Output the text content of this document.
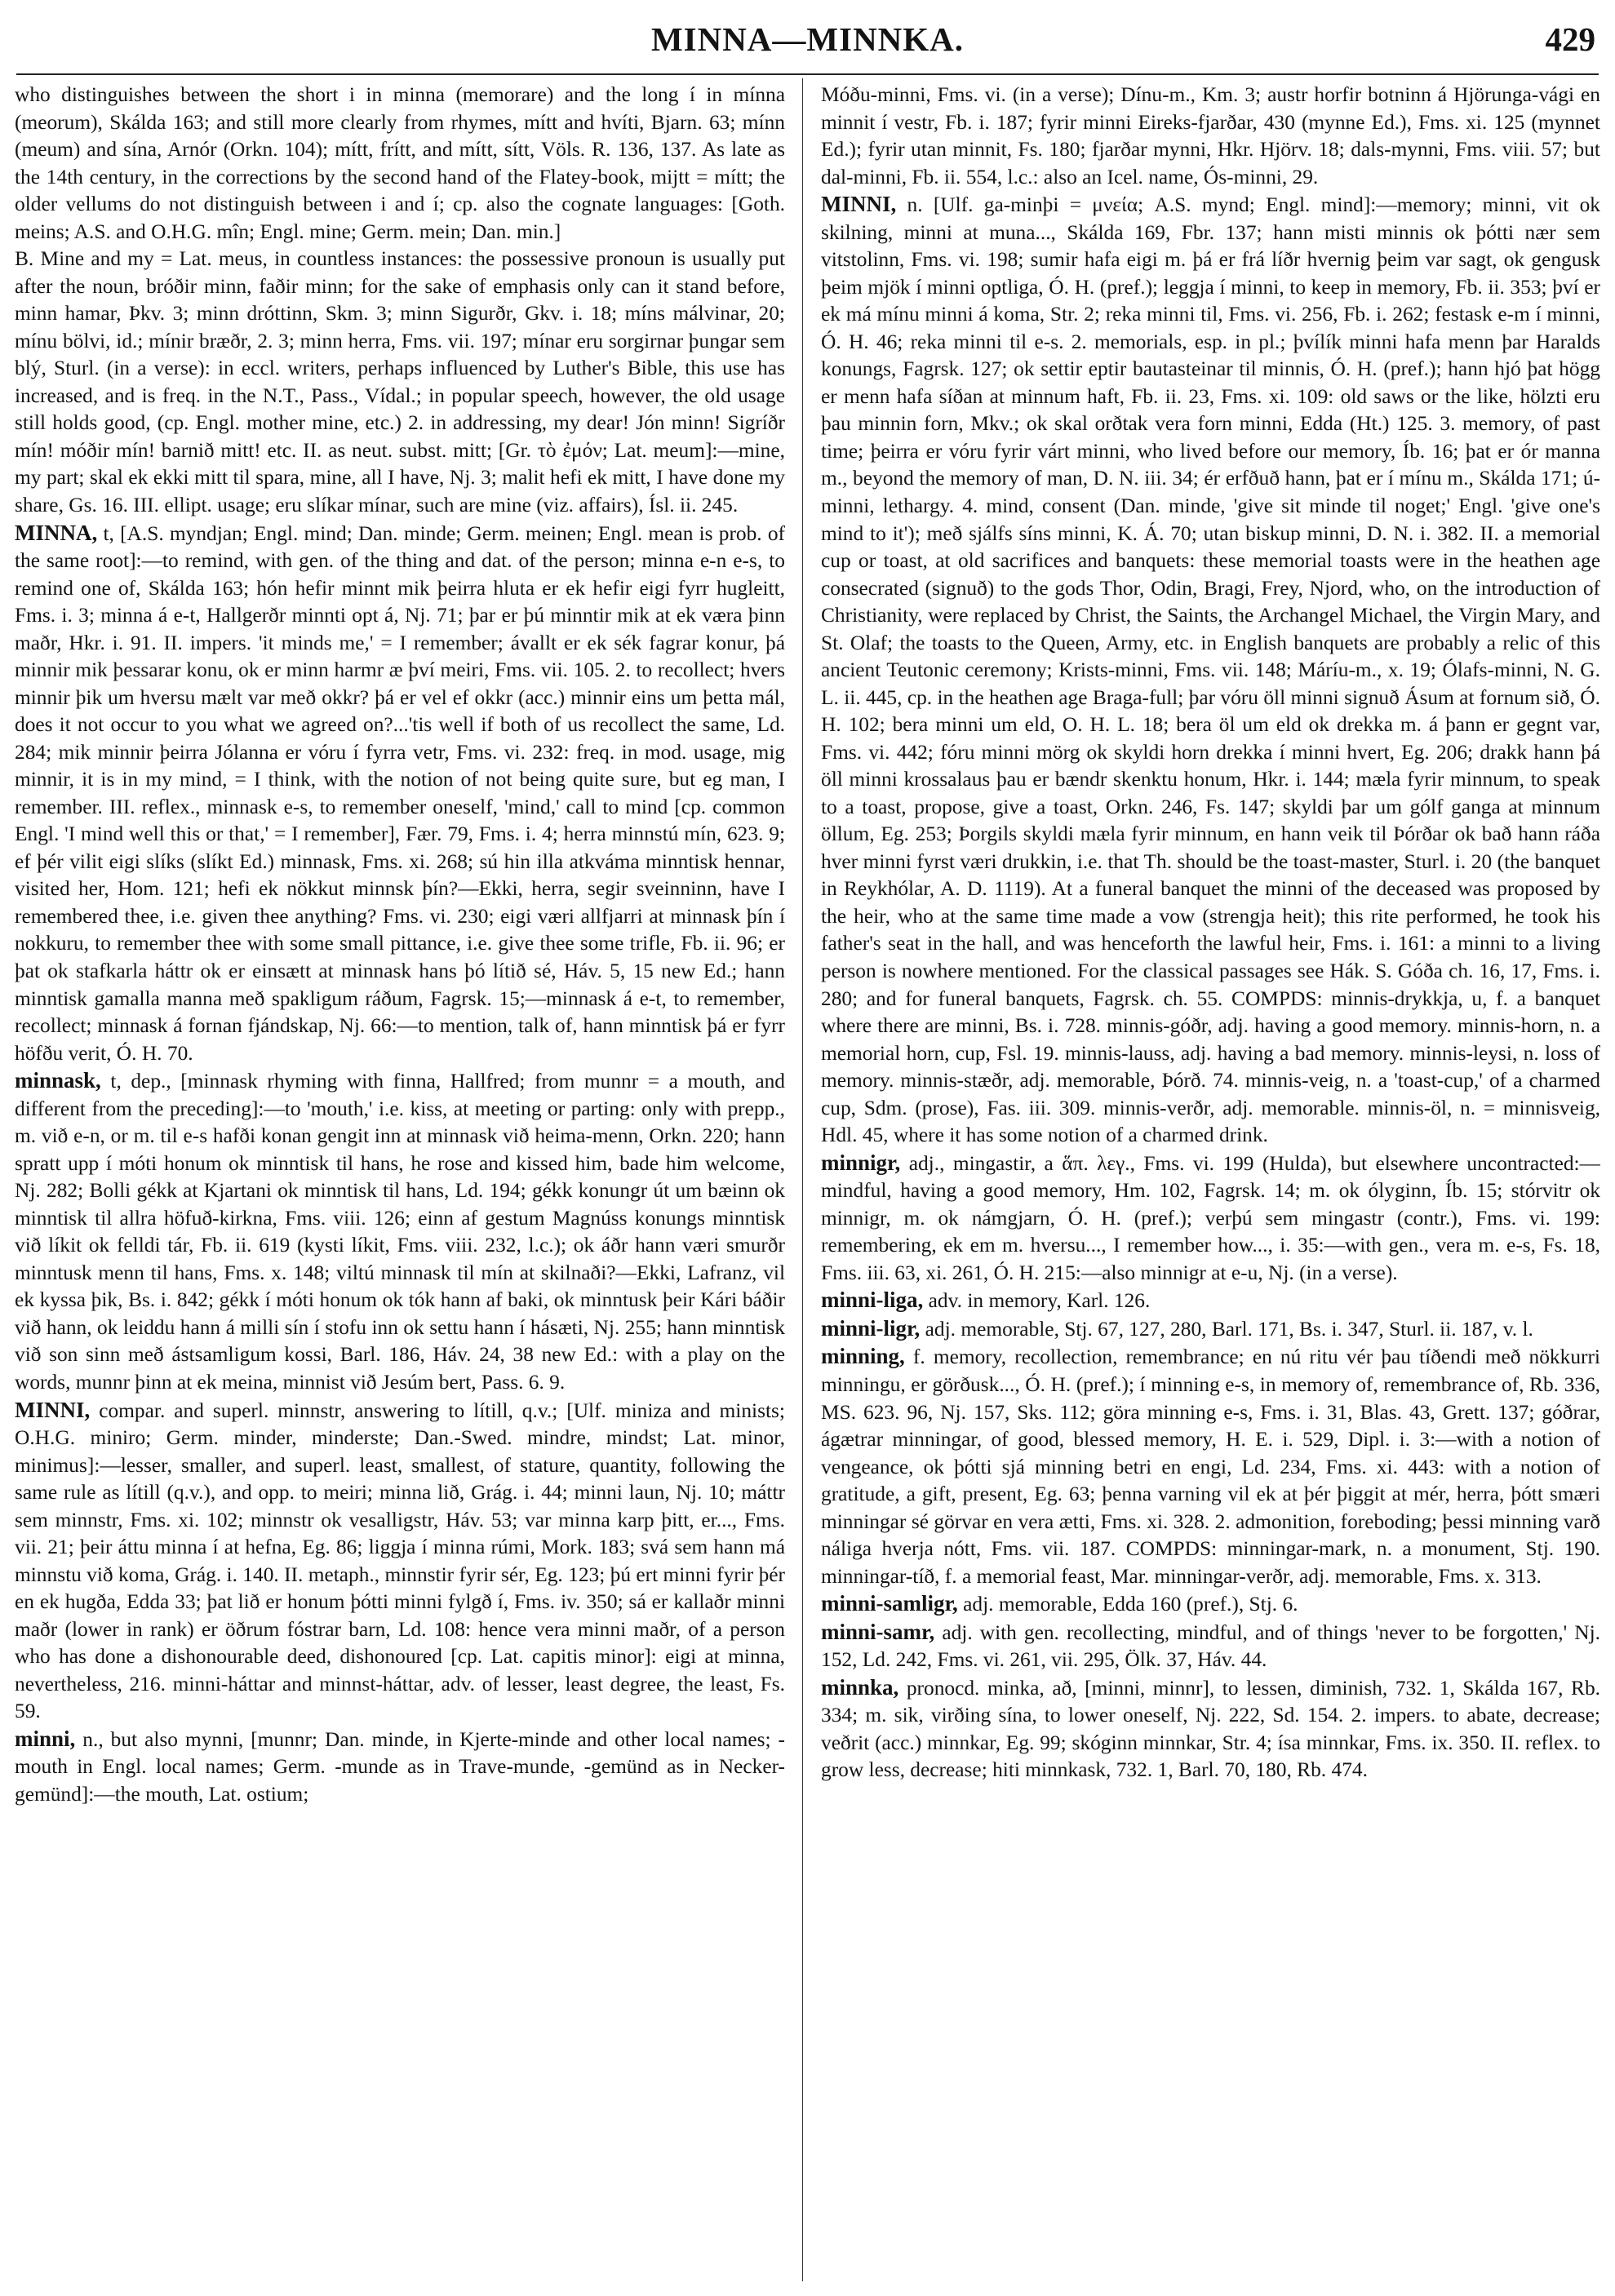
MINNA—MINNKA.	429

who distinguishes between the short i in minna (memorare) and the long í in mínna (meorum), Skálda 163; and still more clearly from rhymes, mítt and hvíti, Bjarn. 63; mínn (meum) and sína, Arnór (Orkn. 104); mítt, frítt, and mítt, sítt, Völs. R. 136, 137. As late as the 14th century, in the corrections by the second hand of the Flatey-book, mijtt = mítt; the older vellums do not distinguish between i and í; cp. also the cognate languages: [Goth. meins; A.S. and O.H.G. mîn; Engl. mine; Germ. mein; Dan. min.]

B. Mine and my = Lat. meus, in countless instances: the possessive pronoun is usually put after the noun, bróðir minn, faðir minn; for the sake of emphasis only can it stand before, minn hamar, Þkv. 3; minn dróttinn, Skm. 3; minn Sigurðr, Gkv. i. 18; míns málvinar, 20; mínu bölvi, id.; mínir bræðr, 2. 3; minn herra, Fms. vii. 197; mínar eru sorgirnar þungar sem blý, Sturl. (in a verse): in eccl. writers, perhaps influenced by Luther's Bible, this use has increased, and is freq. in the N.T., Pass., Vídal.; in popular speech, however, the old usage still holds good, (cp. Engl. mother mine, etc.) 2. in addressing, my dear! Jón minn! Sigríðr mín! móðir mín! barnið mitt! etc. II. as neut. subst. mitt; [Gr. τὸ ἐμόν; Lat. meum]:—mine, my part; skal ek ekki mitt til spara, mine, all I have, Nj. 3; malit hefi ek mitt, I have done my share, Gs. 16. III. ellipt. usage; eru slíkar mínar, such are mine (viz. affairs), Ísl. ii. 245.

MINNA, t, [A.S. myndjan; Engl. mind; Dan. minde; Germ. meinen; Engl. mean is prob. of the same root]:—to remind, with gen. of the thing and dat. of the person; minna e-n e-s, to remind one of, Skálda 163; hón hefir minnt mik þeirra hluta er ek hefir eigi fyrr hugleitt, Fms. i. 3; minna á e-t, Hallgerðr minnti opt á, Nj. 71; þar er þú minntir mik at ek væra þinn maðr, Hkr. i. 91. II. impers. 'it minds me,' = I remember; ávallt er ek sék fagrar konur, þá minnir mik þessarar konu, ok er minn harmr æ því meiri, Fms. vii. 105. 2. to recollect; hvers minnir þik um hversu mælt var með okkr? þá er vel ef okkr (acc.) minnir eins um þetta mál, does it not occur to you what we agreed on?...'tis well if both of us recollect the same, Ld. 284; mik minnir þeirra Jólanna er vóru í fyrra vetr, Fms. vi. 232: freq. in mod. usage, mig minnir, it is in my mind, = I think, with the notion of not being quite sure, but eg man, I remember. III. reflex., minnask e-s, to remember oneself, 'mind,' call to mind [cp. common Engl. 'I mind well this or that,' = I remember], Fær. 79, Fms. i. 4; herra minnstú mín, 623. 9; ef þér vilit eigi slíks (slíkt Ed.) minnask, Fms. xi. 268; sú hin illa atkváma minntisk hennar, visited her, Hom. 121; hefi ek nökkut minnsk þín?—Ekki, herra, segir sveinninn, have I remembered thee, i.e. given thee anything? Fms. vi. 230; eigi væri allfjarri at minnask þín í nokkuru, to remember thee with some small pittance, i.e. give thee some trifle, Fb. ii. 96; er þat ok stafkarla háttr ok er einsætt at minnask hans þó lítið sé, Háv. 5, 15 new Ed.; hann minntisk gamalla manna með spakligum ráðum, Fagrsk. 15;—minnask á e-t, to remember, recollect; minnask á fornan fjándskap, Nj. 66:—to mention, talk of, hann minntisk þá er fyrr höfðu verit, Ó. H. 70.

minnask, t, dep., [minnask rhyming with finna, Hallfred; from munnr = a mouth, and different from the preceding]:—to 'mouth,' i.e. kiss, at meeting or parting: only with prepp., m. við e-n, or m. til e-s hafði konan gengit inn at minnask við heima-menn, Orkn. 220; hann spratt upp í móti honum ok minntisk til hans, he rose and kissed him, bade him welcome, Nj. 282; Bolli gékk at Kjartani ok minntisk til hans, Ld. 194; gékk konungr út um bæinn ok minntisk til allra höfuð-kirkna, Fms. viii. 126; einn af gestum Magnúss konungs minntisk við líkit ok felldi tár, Fb. ii. 619 (kysti líkit, Fms. viii. 232, l.c.); ok áðr hann væri smurðr minntusk menn til hans, Fms. x. 148; viltú minnask til mín at skilnaði?—Ekki, Lafranz, vil ek kyssa þik, Bs. i. 842; gékk í móti honum ok tók hann af baki, ok minntusk þeir Kári báðir við hann, ok leiddu hann á milli sín í stofu inn ok settu hann í hásæti, Nj. 255; hann minntisk við son sinn með ástsamligum kossi, Barl. 186, Háv. 24, 38 new Ed.: with a play on the words, munnr þinn at ek meina, minnist við Jesúm bert, Pass. 6. 9.

MINNI, compar. and superl. minnstr, answering to lítill, q.v.; [Ulf. miniza and minists; O.H.G. miniro; Germ. minder, minderste; Dan.-Swed. mindre, mindst; Lat. minor, minimus]:—lesser, smaller, and superl. least, smallest, of stature, quantity, following the same rule as lítill (q.v.), and opp. to meiri; minna lið, Grág. i. 44; minni laun, Nj. 10; máttr sem minnstr, Fms. xi. 102; minnstr ok vesalligstr, Háv. 53; var minna karp þitt, er..., Fms. vii. 21; þeir áttu minna í at hefna, Eg. 86; liggja í minna rúmi, Mork. 183; svá sem hann má minnstu við koma, Grág. i. 140. II. metaph., minnstir fyrir sér, Eg. 123; þú ert minni fyrir þér en ek hugða, Edda 33; þat lið er honum þótti minni fylgð í, Fms. iv. 350; sá er kallaðr minni maðr (lower in rank) er öðrum fóstrar barn, Ld. 108: hence vera minni maðr, of a person who has done a dishonourable deed, dishonoured [cp. Lat. capitis minor]: eigi at minna, nevertheless, 216. minni-háttar and minnst-háttar, adv. of lesser, least degree, the least, Fs. 59.

minni, n., but also mynni, [munnr; Dan. minde, in Kjerte-minde and other local names; -mouth in Engl. local names; Germ. -munde as in Trave-munde, -gemünd as in Necker-gemünd]:—the mouth, Lat. ostium;

Móðu-minni, Fms. vi. (in a verse); Dínu-m., Km. 3; austr horfir botninn á Hjörunga-vági en minnit í vestr, Fb. i. 187; fyrir minni Eireks-fjarðar, 430 (mynne Ed.), Fms. xi. 125 (mynnet Ed.); fyrir utan minnit, Fs. 180; fjarðar mynni, Hkr. Hjörv. 18; dals-mynni, Fms. viii. 57; but dal-minni, Fb. ii. 554, l.c.: also an Icel. name, Ós-minni, 29.

MINNI, n. [Ulf. ga-minþi = μνεία; A.S. mynd; Engl. mind]:—memory; minni, vit ok skilning, minni at muna..., Skálda 169, Fbr. 137; hann misti minnis ok þótti nær sem vitstolinn, Fms. vi. 198; sumir hafa eigi m. þá er frá líðr hvernig þeim var sagt, ok gengusk þeim mjök í minni optliga, Ó. H. (pref.); leggja í minni, to keep in memory, Fb. ii. 353; því er ek má mínu minni á koma, Str. 2; reka minni til, Fms. vi. 256, Fb. i. 262; festask e-m í minni, Ó. H. 46; reka minni til e-s. 2. memorials, esp. in pl.; þvílík minni hafa menn þar Haralds konungs, Fagrsk. 127; ok settir eptir bautasteinar til minnis, Ó. H. (pref.); hann hjó þat högg er menn hafa síðan at minnum haft, Fb. ii. 23, Fms. xi. 109: old saws or the like, hölzti eru þau minnin forn, Mkv.; ok skal orðtak vera forn minni, Edda (Ht.) 125. 3. memory, of past time; þeirra er vóru fyrir várt minni, who lived before our memory, Íb. 16; þat er ór manna m., beyond the memory of man, D. N. iii. 34; ér erfðuð hann, þat er í mínu m., Skálda 171; ú-minni, lethargy. 4. mind, consent (Dan. minde, 'give sit minde til noget;' Engl. 'give one's mind to it'); með sjálfs síns minni, K. Á. 70; utan biskup minni, D. N. i. 382. II. a memorial cup or toast, at old sacrifices and banquets: these memorial toasts were in the heathen age consecrated (signuð) to the gods Thor, Odin, Bragi, Frey, Njord, who, on the introduction of Christianity, were replaced by Christ, the Saints, the Archangel Michael, the Virgin Mary, and St. Olaf; the toasts to the Queen, Army, etc. in English banquets are probably a relic of this ancient Teutonic ceremony; Krists-minni, Fms. vii. 148; Máríu-m., x. 19; Ólafs-minni, N. G. L. ii. 445, cp. in the heathen age Braga-full; þar vóru öll minni signuð Ásum at fornum sið, Ó. H. 102; bera minni um eld, O. H. L. 18; bera öl um eld ok drekka m. á þann er gegnt var, Fms. vi. 442; fóru minni mörg ok skyldi horn drekka í minni hvert, Eg. 206; drakk hann þá öll minni krossalaus þau er bændr skenktu honum, Hkr. i. 144; mæla fyrir minnum, to speak to a toast, propose, give a toast, Orkn. 246, Fs. 147; skyldi þar um gólf ganga at minnum öllum, Eg. 253; Þorgils skyldi mæla fyrir minnum, en hann veik til Þórðar ok bað hann ráða hver minni fyrst væri drukkin, i.e. that Th. should be the toast-master, Sturl. i. 20 (the banquet in Reykhólar, A. D. 1119). At a funeral banquet the minni of the deceased was proposed by the heir, who at the same time made a vow (strengja heit); this rite performed, he took his father's seat in the hall, and was henceforth the lawful heir, Fms. i. 161: a minni to a living person is nowhere mentioned. For the classical passages see Hák. S. Góða ch. 16, 17, Fms. i. 280; and for funeral banquets, Fagrsk. ch. 55. COMPDS: minnis-drykkja, u, f. a banquet where there are minni, Bs. i. 728. minnis-góðr, adj. having a good memory. minnis-horn, n. a memorial horn, cup, Fsl. 19. minnis-lauss, adj. having a bad memory. minnis-leysi, n. loss of memory. minnis-stæðr, adj. memorable, Þórð. 74. minnis-veig, n. a 'toast-cup,' of a charmed cup, Sdm. (prose), Fas. iii. 309. minnis-verðr, adj. memorable. minnis-öl, n. = minnisveig, Hdl. 45, where it has some notion of a charmed drink.

minnigr, adj., mingastir, a ἅπ. λεγ., Fms. vi. 199 (Hulda), but elsewhere uncontracted:—mindful, having a good memory, Hm. 102, Fagrsk. 14; m. ok ólyginn, Íb. 15; stórvitr ok minnigr, m. ok námgjarn, Ó. H. (pref.); verþú sem mingastr (contr.), Fms. vi. 199: remembering, ek em m. hversu..., I remember how..., i. 35:—with gen., vera m. e-s, Fs. 18, Fms. iii. 63, xi. 261, Ó. H. 215:—also minnigr at e-u, Nj. (in a verse).

minni-liga, adv. in memory, Karl. 126.

minni-ligr, adj. memorable, Stj. 67, 127, 280, Barl. 171, Bs. i. 347, Sturl. ii. 187, v. l.

minning, f. memory, recollection, remembrance; en nú ritu vér þau tíðendi með nökkurri minningu, er görðusk..., Ó. H. (pref.); í minning e-s, in memory of, remembrance of, Rb. 336, MS. 623. 96, Nj. 157, Sks. 112; göra minning e-s, Fms. i. 31, Blas. 43, Grett. 137; góðrar, ágætrar minningar, of good, blessed memory, H. E. i. 529, Dipl. i. 3:—with a notion of vengeance, ok þótti sjá minning betri en engi, Ld. 234, Fms. xi. 443: with a notion of gratitude, a gift, present, Eg. 63; þenna varning vil ek at þér þiggit at mér, herra, þótt smæri minningar sé görvar en vera ætti, Fms. xi. 328. 2. admonition, foreboding; þessi minning varð náliga hverja nótt, Fms. vii. 187. COMPDS: minningar-mark, n. a monument, Stj. 190. minningar-tíð, f. a memorial feast, Mar. minningar-verðr, adj. memorable, Fms. x. 313.

minni-samligr, adj. memorable, Edda 160 (pref.), Stj. 6.

minni-samr, adj. with gen. recollecting, mindful, and of things 'never to be forgotten,' Nj. 152, Ld. 242, Fms. vi. 261, vii. 295, Ölk. 37, Háv. 44.

minnka, pronocd. minka, að, [minni, minnr], to lessen, diminish, 732. 1, Skálda 167, Rb. 334; m. sik, virðing sína, to lower oneself, Nj. 222, Sd. 154. 2. impers. to abate, decrease; veðrit (acc.) minnkar, Eg. 99; skóginn minnkar, Str. 4; ísa minnkar, Fms. ix. 350. II. reflex. to grow less, decrease; hiti minnkask, 732. 1, Barl. 70, 180, Rb. 474.
